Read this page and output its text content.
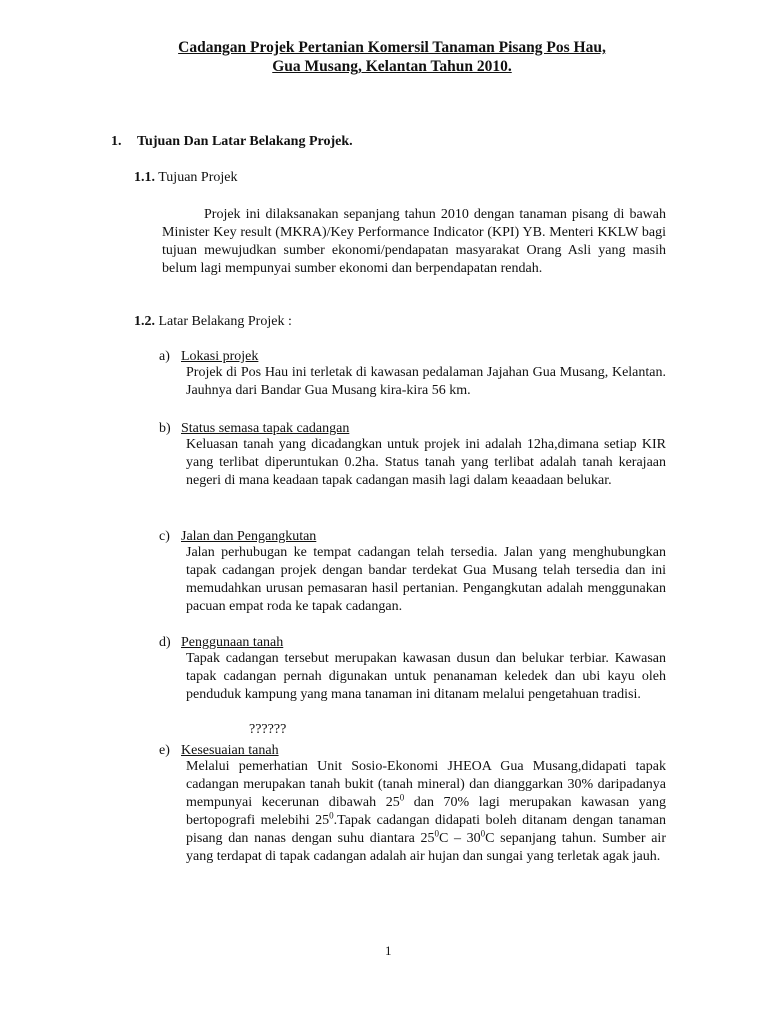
Cadangan Projek Pertanian Komersil Tanaman Pisang Pos Hau,
Gua Musang, Kelantan Tahun 2010.
1. Tujuan Dan Latar Belakang Projek.
1.1. Tujuan Projek
Projek ini dilaksanakan sepanjang tahun 2010 dengan tanaman pisang di bawah Minister Key result (MKRA)/Key Performance Indicator (KPI) YB. Menteri KKLW bagi tujuan mewujudkan sumber ekonomi/pendapatan masyarakat Orang Asli yang masih belum lagi mempunyai sumber ekonomi dan berpendapatan rendah.
1.2. Latar Belakang Projek :
a) Lokasi projek
Projek di Pos Hau ini terletak di kawasan pedalaman Jajahan Gua Musang, Kelantan. Jauhnya dari Bandar Gua Musang kira-kira 56 km.
b) Status semasa tapak cadangan
Keluasan tanah yang dicadangkan untuk projek ini adalah 12ha,dimana setiap KIR yang terlibat diperuntukan 0.2ha. Status tanah yang terlibat adalah tanah kerajaan negeri di mana keadaan tapak cadangan masih lagi dalam keaadaan belukar.
c) Jalan dan Pengangkutan
Jalan perhubugan ke tempat cadangan telah tersedia. Jalan yang menghubungkan tapak cadangan projek dengan bandar terdekat Gua Musang telah tersedia dan ini memudahkan urusan pemasaran hasil pertanian. Pengangkutan adalah menggunakan pacuan empat roda ke tapak cadangan.
d) Penggunaan tanah
Tapak cadangan tersebut merupakan kawasan dusun dan belukar terbiar. Kawasan tapak cadangan pernah digunakan untuk penanaman keledek dan ubi kayu oleh penduduk kampung yang mana tanaman ini ditanam melalui pengetahuan tradisi.
??????
e) Kesesuaian tanah
Melalui pemerhatian Unit Sosio-Ekonomi JHEOA Gua Musang,didapati tapak cadangan merupakan tanah bukit (tanah mineral) dan dianggarkan 30% daripadanya mempunyai kecerunan dibawah $25^0$ dan 70% lagi merupakan kawasan yang bertopografi melebihi $25^0.Tapak$ cadangan didapati boleh ditanam dengan tanaman pisang dan nanas dengan suhu diantara $25^0C - 30^0C$ sepanjang tahun. Sumber air yang terdapat di tapak cadangan adalah air hujan dan sungai yang terletak agak jauh.
1
